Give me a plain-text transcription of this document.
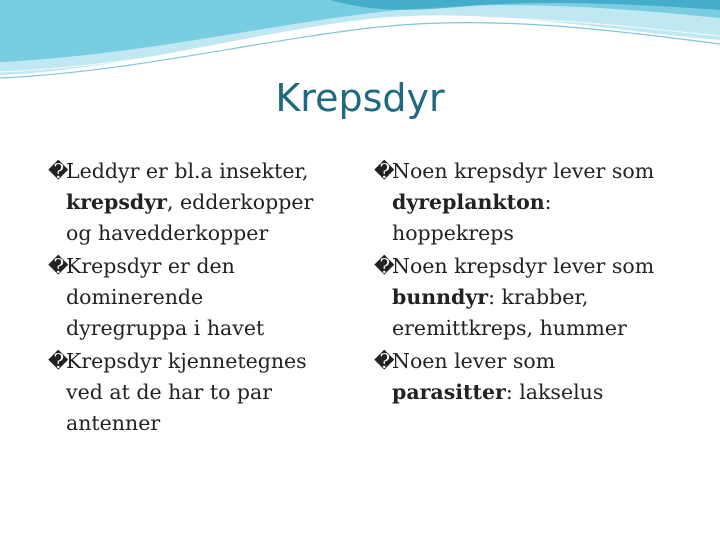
Krepsdyr
�
Leddyr er bl.a insekter,
krepsdyr, edderkopper
og havedderkopper
�
Krepsdyr er den
dominerende
dyregruppa i havet
�
Krepsdyr kjennetegnes
ved at de har to par
antenner
�
Noen krepsdyr lever som
dyreplankton:
hoppekreps
�
Noen krepsdyr lever som
bunndyr: krabber,
eremittkreps, hummer
�
Noen lever som
parasitter: lakselus
